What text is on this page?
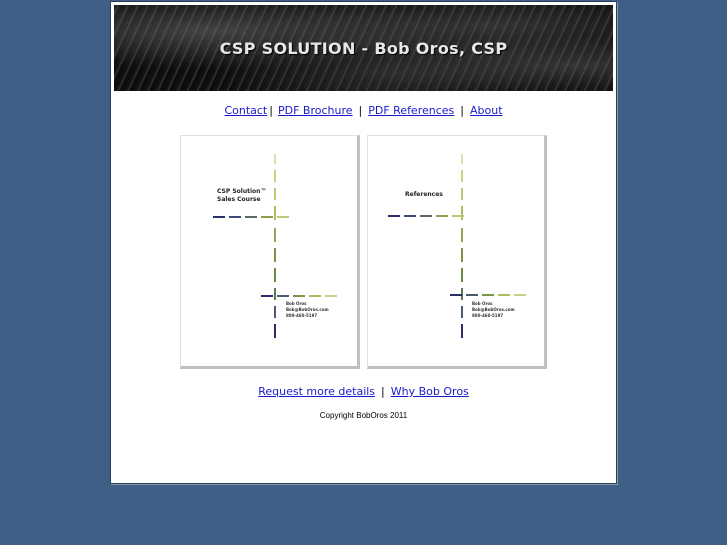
CSP SOLUTION - Bob Oros, CSP
Contact | PDF Brochure | PDF References | About
CSP Solution™
Sales Course
Bob Oros
Bob@BobOros.com
800-460-5197
References
Bob Oros
Bob@BobOros.com
800-460-5197
Request more details | Why Bob Oros
Copyright BobOros 2011
